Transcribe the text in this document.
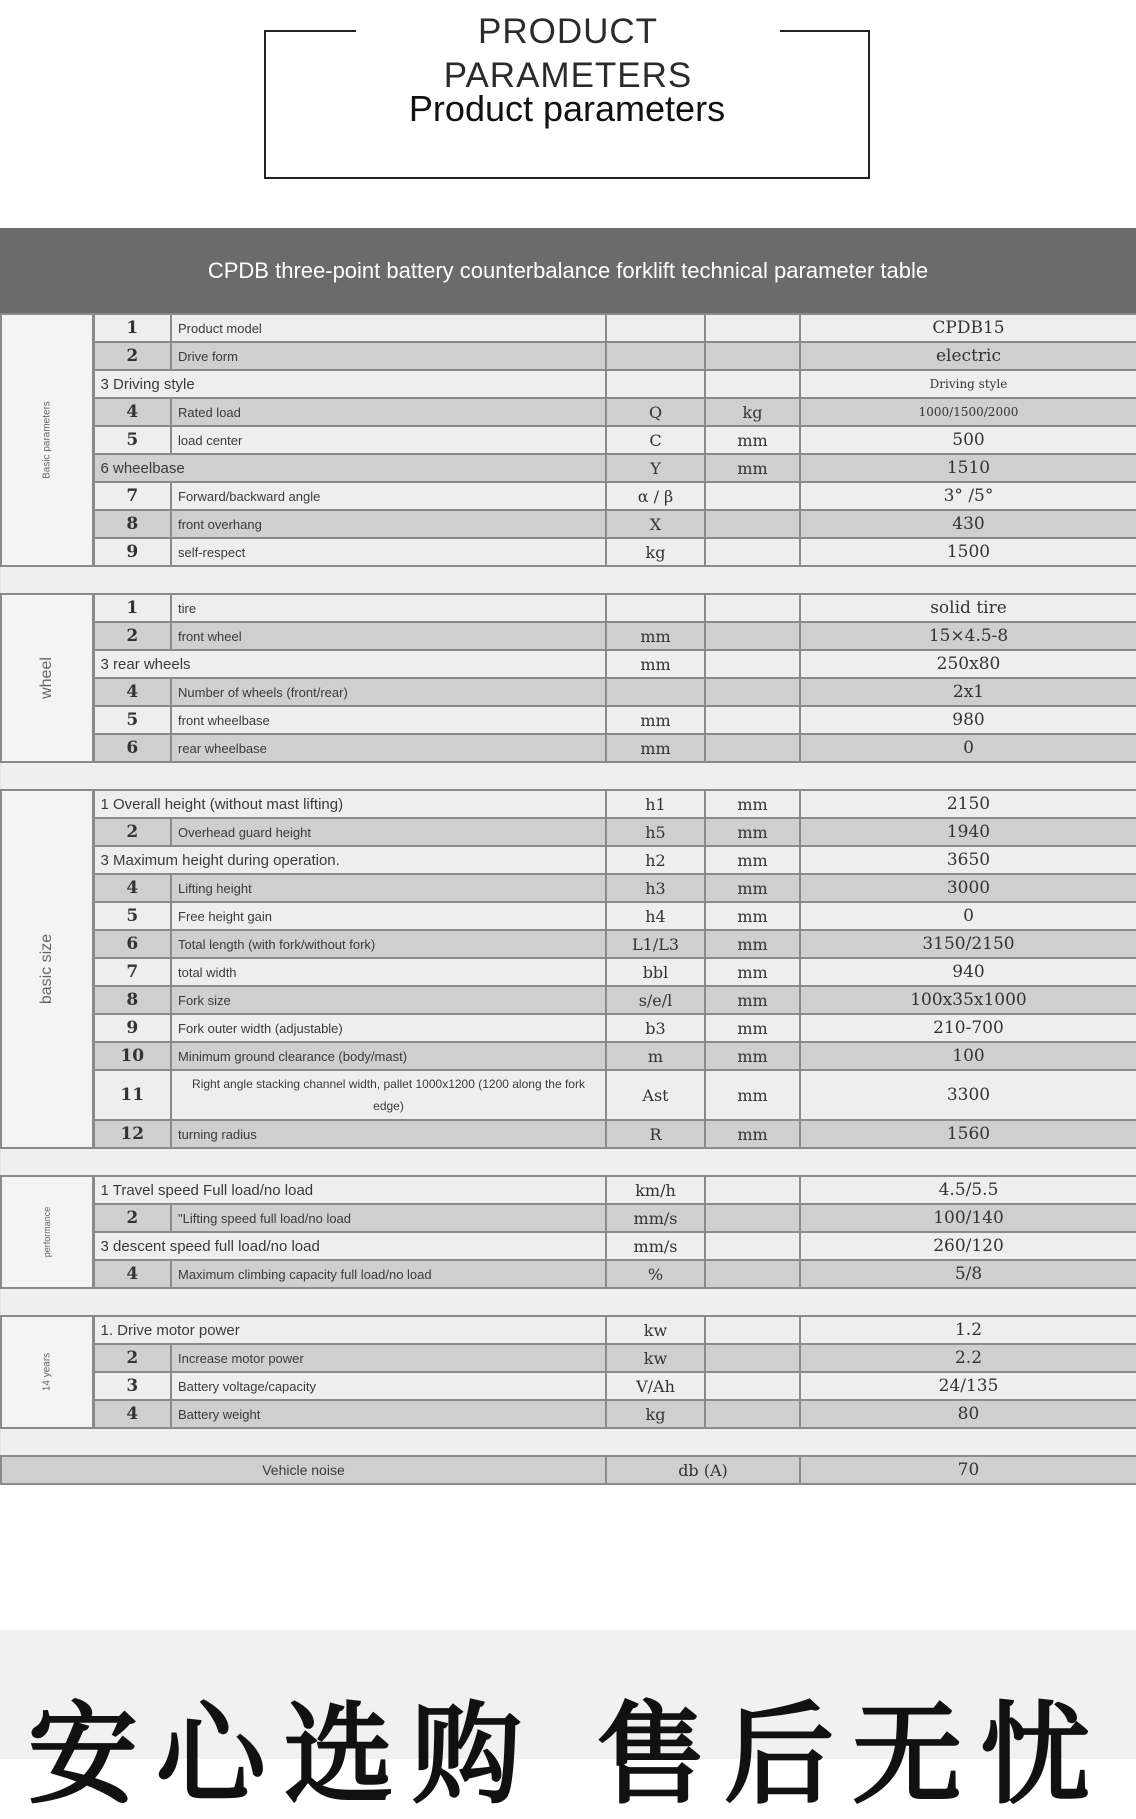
PRODUCT PARAMETERS
Product parameters
CPDB three-point battery counterbalance forklift technical parameter table
Basic parameters	1	Product model			CPDB15
	2	Drive form			electric
	3 Driving style				Driving style
	4	Rated load	Q	kg	1000/1500/2000
	5	load center	C	mm	500
	6 wheelbase		Y	mm	1510
	7	Forward/backward angle	α / β		3° /5°
	8	front overhang	X		430
	9	self-respect	kg		1500

wheel	1	tire			solid tire
	2	front wheel	mm		15×4.5-8
	3 rear wheels		mm		250x80
	4	Number of wheels (front/rear)			2x1
	5	front wheelbase	mm		980
	6	rear wheelbase	mm		0

basic size	1 Overall height (without mast lifting)		h1	mm	2150
	2	Overhead guard height	h5	mm	1940
	3 Maximum height during operation.		h2	mm	3650
	4	Lifting height	h3	mm	3000
	5	Free height gain	h4	mm	0
	6	Total length (with fork/without fork)	L1/L3	mm	3150/2150
	7	total width	bbl	mm	940
	8	Fork size	s/e/l	mm	100x35x1000
	9	Fork outer width (adjustable)	b3	mm	210-700
	10	Minimum ground clearance (body/mast)	m	mm	100
	11	Right angle stacking channel width, pallet 1000x1200 (1200 along the fork edge)	Ast	mm	3300
	12	turning radius	R	mm	1560

performance	1 Travel speed Full load/no load		km/h		4.5/5.5
	2	"Lifting speed full load/no load	mm/s		100/140
	3 descent speed full load/no load		mm/s		260/120
	4	Maximum climbing capacity full load/no load	%		5/8

14 years	1. Drive motor power		kw		1.2
	2	Increase motor power	kw		2.2
	3	Battery voltage/capacity	V/Ah		24/135
	4	Battery weight	kg		80

Vehicle noise			db (A)		70
安心选购 售后无忧
